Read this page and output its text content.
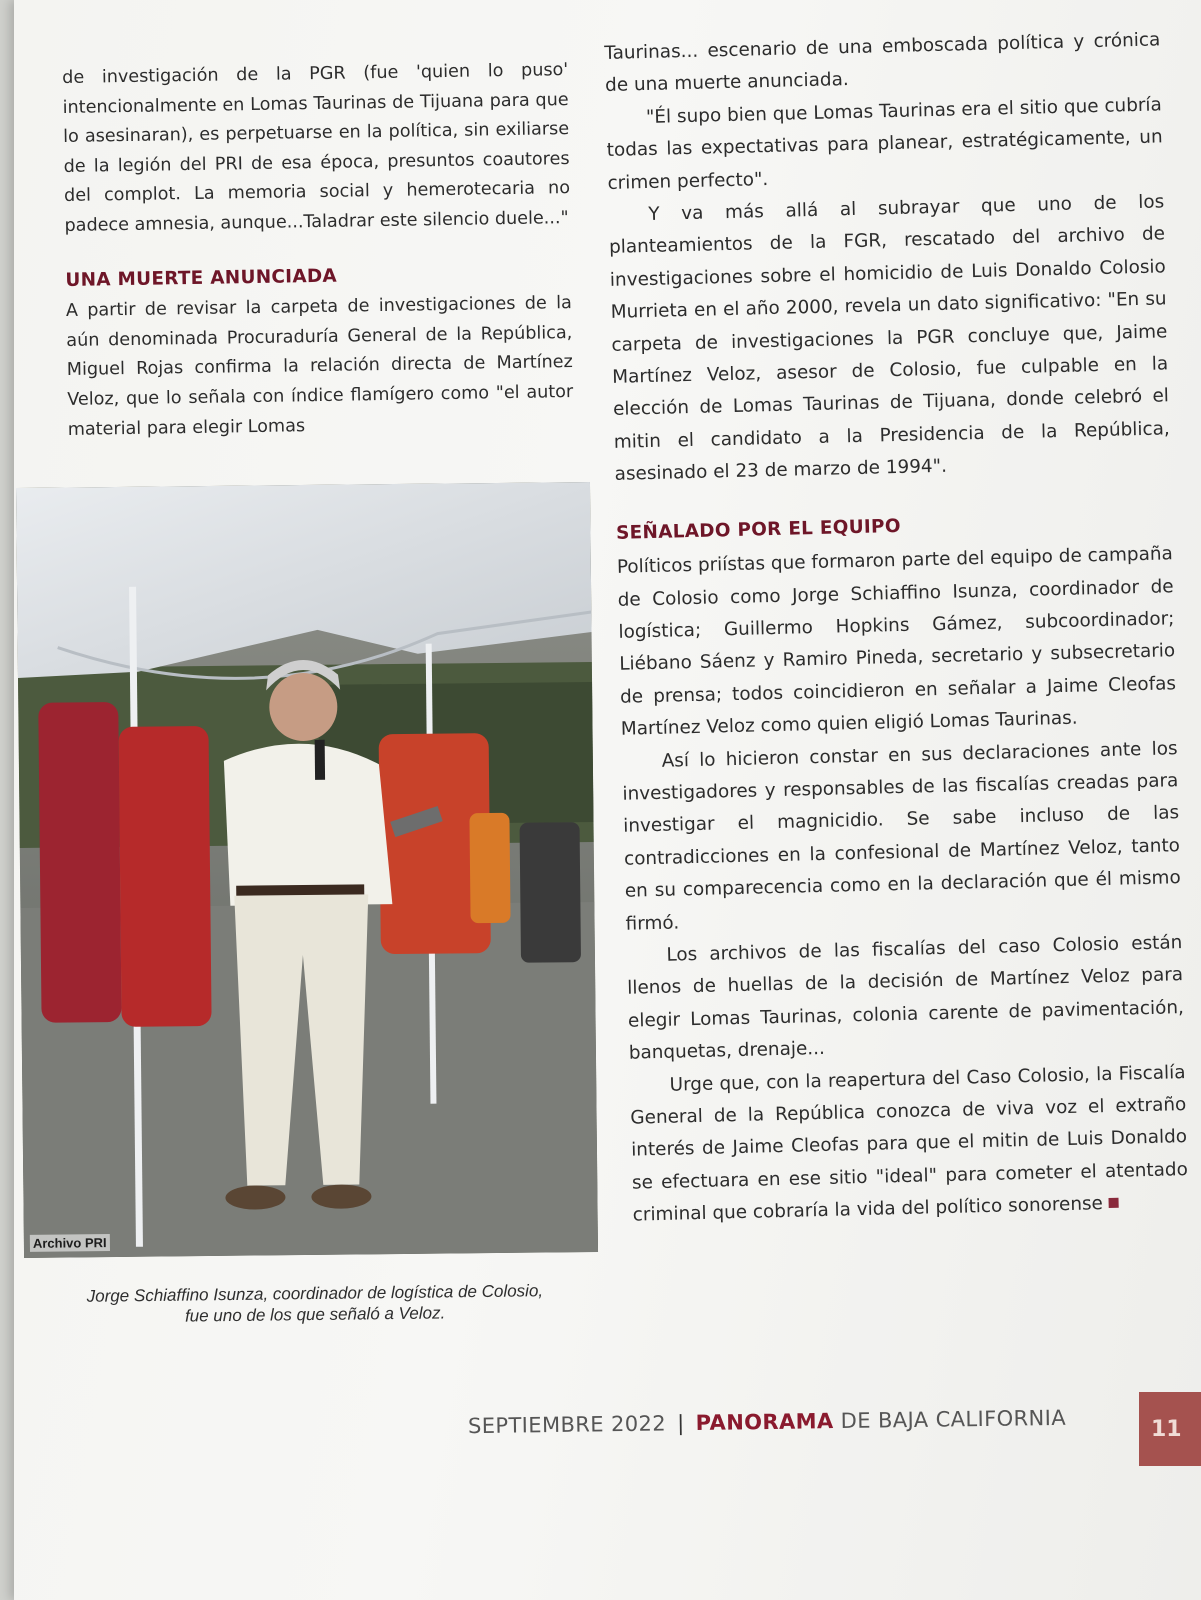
de investigación de la PGR (fue 'quien lo puso' intencionalmente en Lomas Taurinas de Tijuana para que lo asesinaran), es perpetuarse en la política, sin exiliarse de la legión del PRI de esa época, presuntos coautores del complot. La memoria social y hemerotecaria no padece amnesia, aunque...Taladrar este silencio duele..."

UNA MUERTE ANUNCIADA

A partir de revisar la carpeta de investigaciones de la aún denominada Procuraduría General de la República, Miguel Rojas confirma la relación directa de Martínez Veloz, que lo señala con índice flamígero como "el autor material para elegir Lomas

Archivo PRI

Jorge Schiaffino Isunza, coordinador de logística de Colosio, fue uno de los que señaló a Veloz.

Taurinas... escenario de una emboscada política y crónica de una muerte anunciada.

"Él supo bien que Lomas Taurinas era el sitio que cubría todas las expectativas para planear, estratégicamente, un crimen perfecto".

Y va más allá al subrayar que uno de los planteamientos de la FGR, rescatado del archivo de investigaciones sobre el homicidio de Luis Donaldo Colosio Murrieta en el año 2000, revela un dato significativo: "En su carpeta de investigaciones la PGR concluye que, Jaime Martínez Veloz, asesor de Colosio, fue culpable en la elección de Lomas Taurinas de Tijuana, donde celebró el mitin el candidato a la Presidencia de la República, asesinado el 23 de marzo de 1994".

SEÑALADO POR EL EQUIPO

Políticos priístas que formaron parte del equipo de campaña de Colosio como Jorge Schiaffino Isunza, coordinador de logística; Guillermo Hopkins Gámez, subcoordinador; Liébano Sáenz y Ramiro Pineda, secretario y subsecretario de prensa; todos coincidieron en señalar a Jaime Cleofas Martínez Veloz como quien eligió Lomas Taurinas.

Así lo hicieron constar en sus declaraciones ante los investigadores y responsables de las fiscalías creadas para investigar el magnicidio. Se sabe incluso de las contradicciones en la confesional de Martínez Veloz, tanto en su comparecencia como en la declaración que él mismo firmó.

Los archivos de las fiscalías del caso Colosio están llenos de huellas de la decisión de Martínez Veloz para elegir Lomas Taurinas, colonia carente de pavimentación, banquetas, drenaje...

Urge que, con la reapertura del Caso Colosio, la Fiscalía General de la República conozca de viva voz el extraño interés de Jaime Cleofas para que el mitin de Luis Donaldo se efectuara en ese sitio "ideal" para cometer el atentado criminal que cobraría la vida del político sonorense

SEPTIEMBRE 2022 | PANORAMA DE BAJA CALIFORNIA	11
